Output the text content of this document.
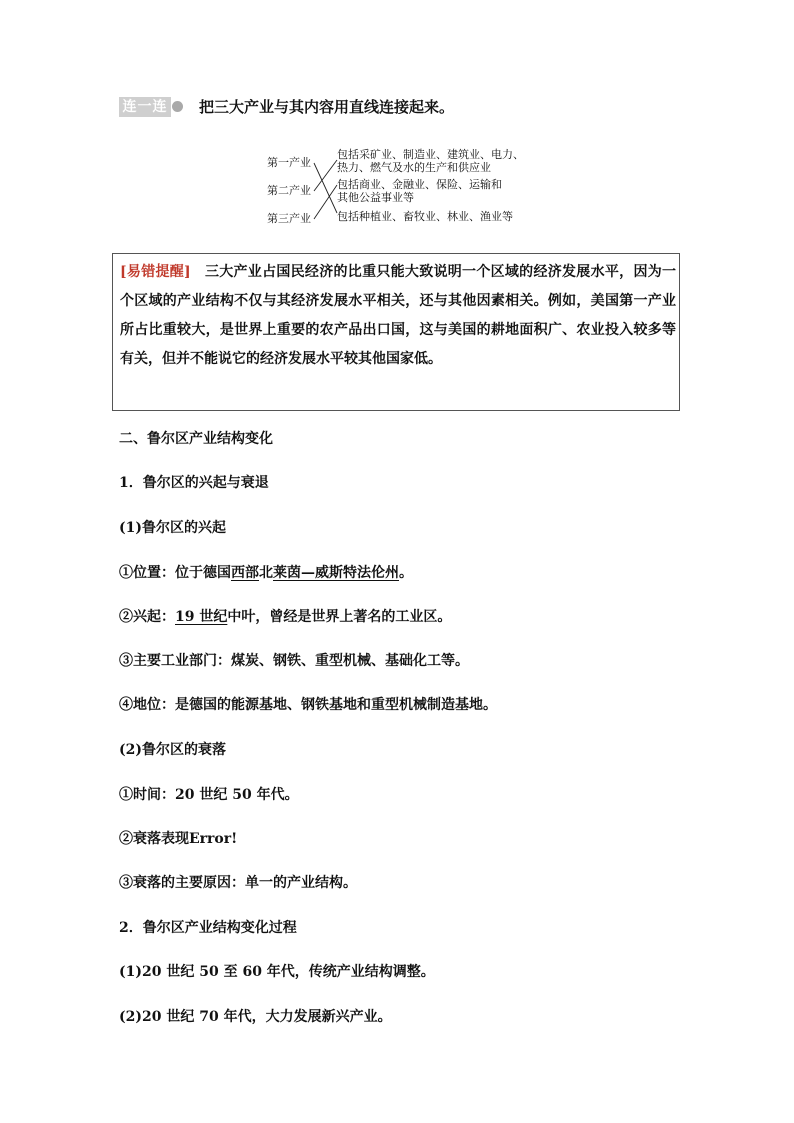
连一连 把三大产业与其内容用直线连接起来。
第一产业
第二产业
第三产业
包括采矿业、制造业、建筑业、电力、
热力、燃气及水的生产和供应业
包括商业、金融业、保险、运输和
其他公益事业等
包括种植业、畜牧业、林业、渔业等
[易错提醒] 三大产业占国民经济的比重只能大致说明一个区域的经济发展水平，因为一个区域的产业结构不仅与其经济发展水平相关，还与其他因素相关。例如，美国第一产业所占比重较大，是世界上重要的农产品出口国，这与美国的耕地面积广、农业投入较多等有关，但并不能说它的经济发展水平较其他国家低。
二、鲁尔区产业结构变化
1．鲁尔区的兴起与衰退
(1)鲁尔区的兴起
①位置：位于德国西部北莱茵—威斯特法伦州。
②兴起：19 世纪中叶，曾经是世界上著名的工业区。
③主要工业部门：煤炭、钢铁、重型机械、基础化工等。
④地位：是德国的能源基地、钢铁基地和重型机械制造基地。
(2)鲁尔区的衰落
①时间：20 世纪 50 年代。
②衰落表现Error!
③衰落的主要原因：单一的产业结构。
2．鲁尔区产业结构变化过程
(1)20 世纪 50 至 60 年代，传统产业结构调整。
(2)20 世纪 70 年代，大力发展新兴产业。
